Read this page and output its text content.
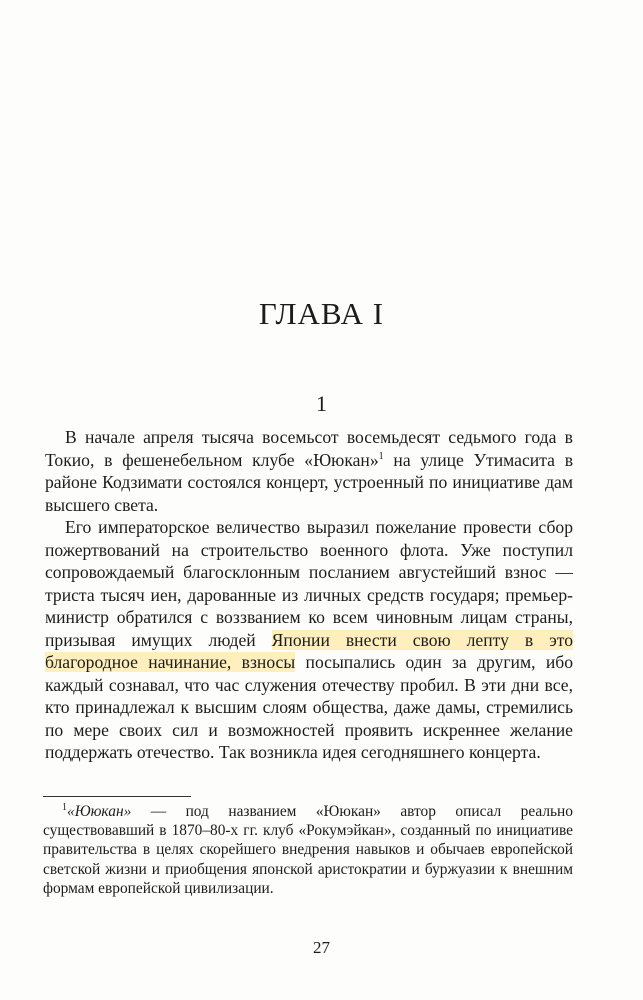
ГЛАВА I
1

В начале апреля тысяча восемьсот восемьдесят седьмого года в Токио, в фешенебельном клубе «Ююкан»$^1$ на улице Утимасита в районе Кодзимати состоялся концерт, устроенный по инициативе дам высшего света.

Его императорское величество выразил пожелание провести сбор пожертвований на строительство военного флота. Уже поступил сопровождаемый благосклонным посланием августейший взнос — триста тысяч иен, дарованные из личных средств государя; премьер-министр обратился с воззванием ко всем чиновным лицам страны, призывая имущих людей Японии внести свою лепту в это благородное начинание, взносы посыпались один за другим, ибо каждый сознавал, что час служения отечеству пробил. В эти дни все, кто принадлежал к высшим слоям общества, даже дамы, стремились по мере своих сил и возможностей проявить искреннее желание поддержать отечество. Так возникла идея сегодняшнего концерта.

$^1$«Ююкан» — под названием «Ююкан» автор описал реально существовавший в 1870–80-х гг. клуб «Рокумэйкан», созданный по инициативе правительства в целях скорейшего внедрения навыков и обычаев европейской светской жизни и приобщения японской аристократии и буржуазии к внешним формам европейской цивилизации.
27
